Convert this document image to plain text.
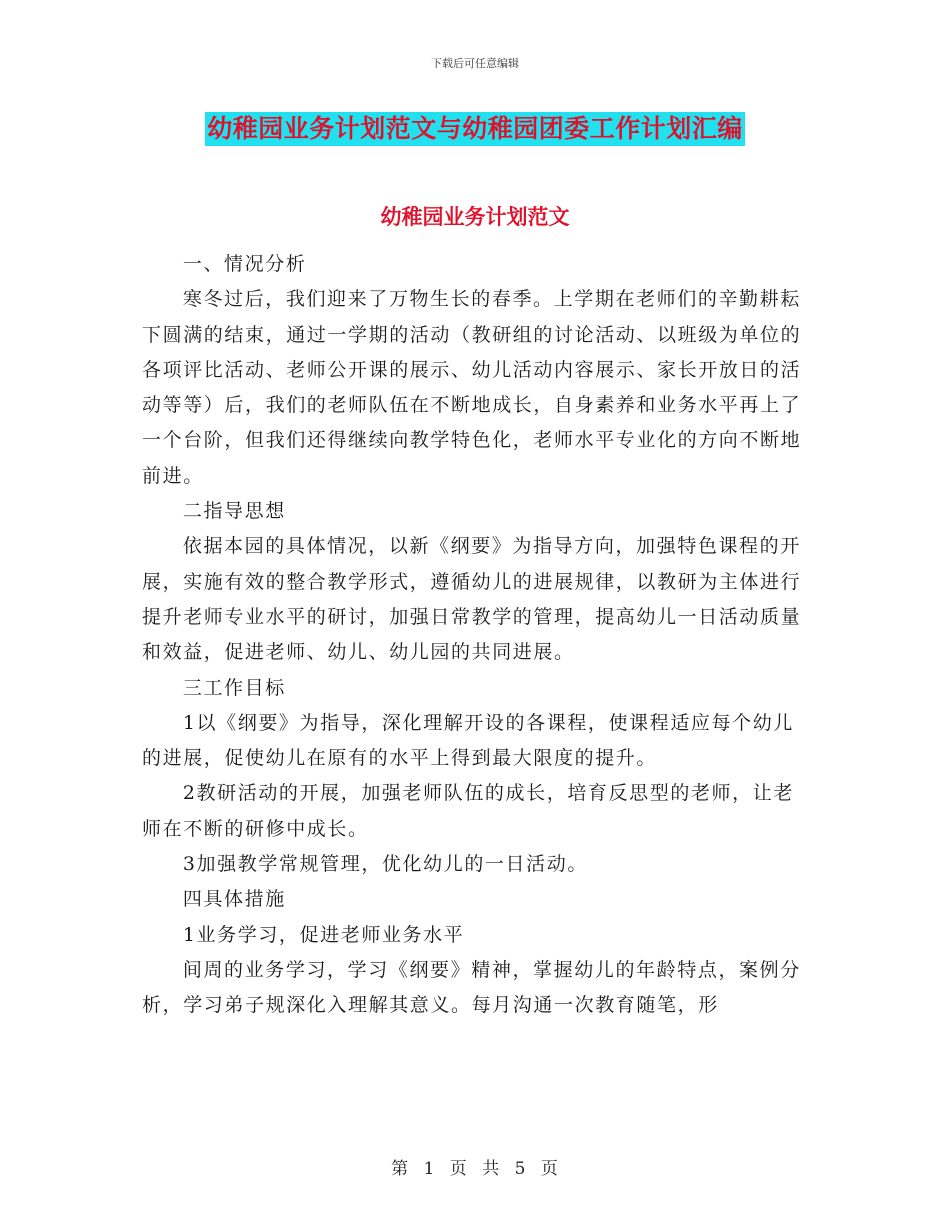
下载后可任意编辑
幼稚园业务计划范文与幼稚园团委工作计划汇编
幼稚园业务计划范文

一、情况分析

寒冬过后，我们迎来了万物生长的春季。上学期在老师们的辛勤耕耘下圆满的结束，通过一学期的活动（教研组的讨论活动、以班级为单位的各项评比活动、老师公开课的展示、幼儿活动内容展示、家长开放日的活动等等）后，我们的老师队伍在不断地成长，自身素养和业务水平再上了一个台阶，但我们还得继续向教学特色化，老师水平专业化的方向不断地前进。

二指导思想

依据本园的具体情况，以新《纲要》为指导方向，加强特色课程的开展，实施有效的整合教学形式，遵循幼儿的进展规律，以教研为主体进行提升老师专业水平的研讨，加强日常教学的管理，提高幼儿一日活动质量和效益，促进老师、幼儿、幼儿园的共同进展。

三工作目标

1以《纲要》为指导，深化理解开设的各课程，使课程适应每个幼儿的进展，促使幼儿在原有的水平上得到最大限度的提升。

2教研活动的开展，加强老师队伍的成长，培育反思型的老师，让老师在不断的研修中成长。

3加强教学常规管理，优化幼儿的一日活动。

四具体措施

1业务学习，促进老师业务水平

间周的业务学习，学习《纲要》精神，掌握幼儿的年龄特点，案例分析，学习弟子规深化入理解其意义。每月沟通一次教育随笔，形

第 1 页 共 5 页
